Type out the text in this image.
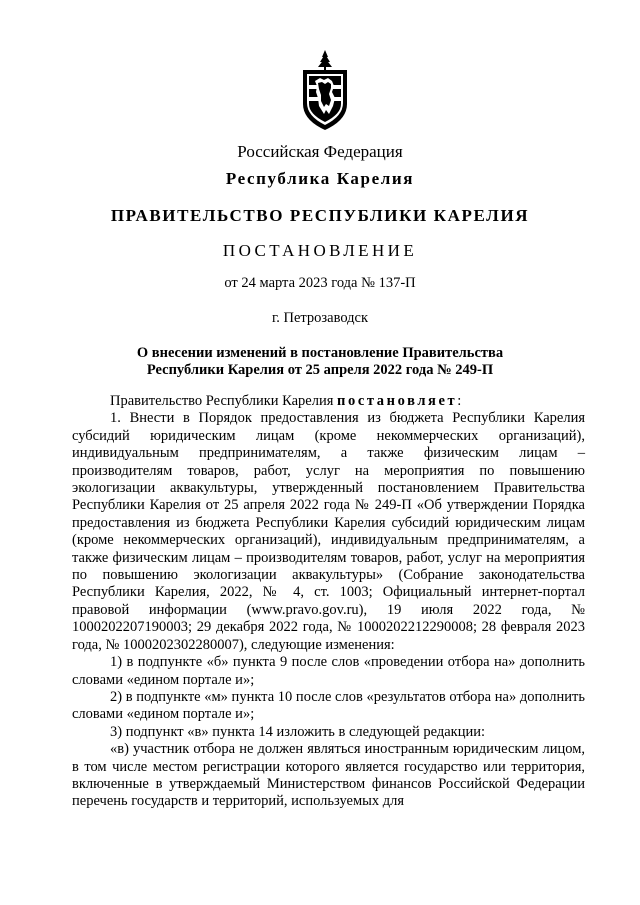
Российская Федерация
Республика Карелия
ПРАВИТЕЛЬСТВО РЕСПУБЛИКИ КАРЕЛИЯ
ПОСТАНОВЛЕНИЕ
от 24 марта 2023 года № 137-П
г. Петрозаводск
О внесении изменений в постановление Правительства
Республики Карелия от 25 апреля 2022 года № 249-П

Правительство Республики Карелия постановляет:

1. Внести в Порядок предоставления из бюджета Республики Карелия субсидий юридическим лицам (кроме некоммерческих организаций), индивидуальным предпринимателям, а также физическим лицам – производителям товаров, работ, услуг на мероприятия по повышению экологизации аквакультуры, утвержденный постановлением Правительства Республики Карелия от 25 апреля 2022 года № 249-П «Об утверждении Порядка предоставления из бюджета Республики Карелия субсидий юридическим лицам (кроме некоммерческих организаций), индивидуальным предпринимателям, а также физическим лицам – производителям товаров, работ, услуг на мероприятия по повышению экологизации аквакультуры» (Собрание законодательства Республики Карелия, 2022, № 4, ст. 1003; Официальный интернет-портал правовой информации (www.pravo.gov.ru), 19 июля 2022 года, № 1000202207190003; 29 декабря 2022 года, № 1000202212290008; 28 февраля 2023 года, № 1000202302280007), следующие изменения:

1) в подпункте «б» пункта 9 после слов «проведении отбора на» дополнить словами «едином портале и»;

2) в подпункте «м» пункта 10 после слов «результатов отбора на» дополнить словами «едином портале и»;

3) подпункт «в» пункта 14 изложить в следующей редакции:

«в) участник отбора не должен являться иностранным юридическим лицом, в том числе местом регистрации которого является государство или территория, включенные в утверждаемый Министерством финансов Российской Федерации перечень государств и территорий, используемых для
